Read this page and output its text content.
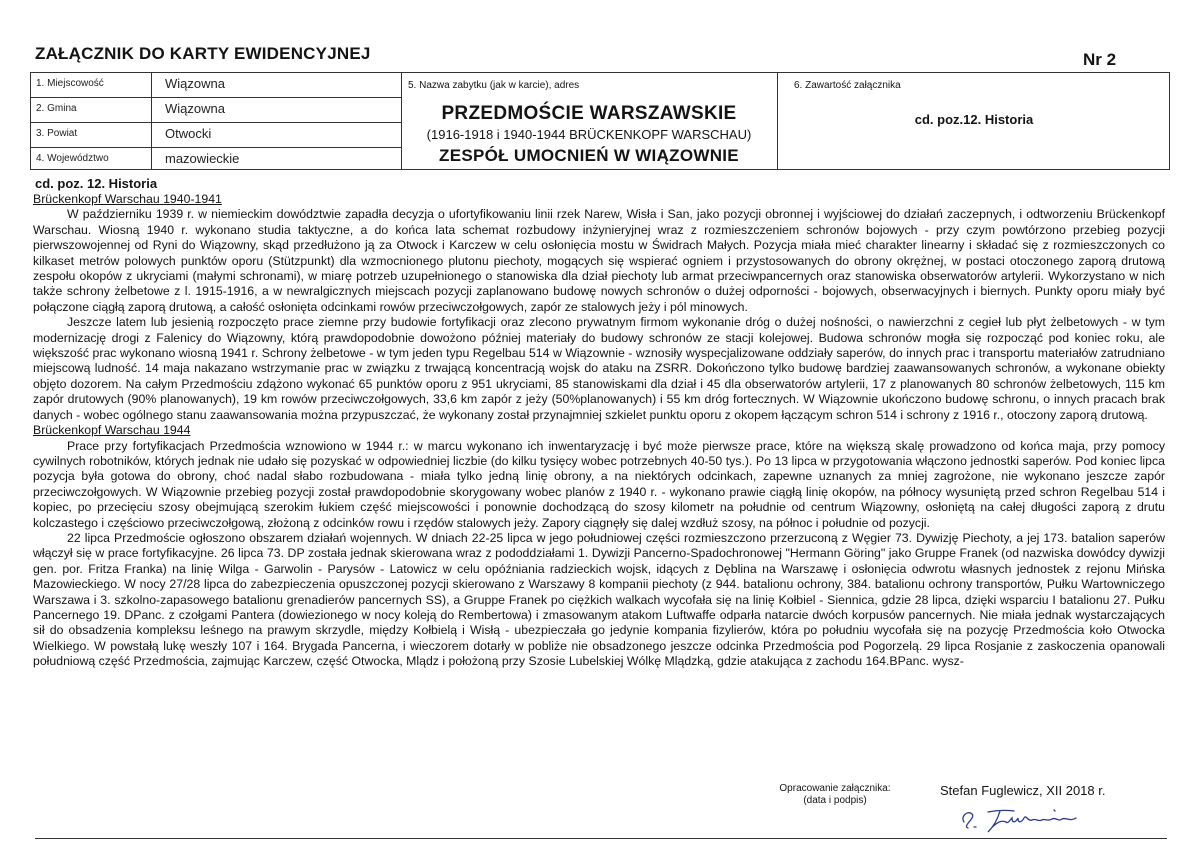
ZAŁĄCZNIK DO KARTY EWIDENCYJNEJ	Nr 2
1. Miejscowość	Wiązowna
2. Gmina	Wiązowna
3. Powiat	Otwocki
4. Województwo	mazowieckie
5. Nazwa zabytku (jak w karcie), adres
PRZEDMOŚCIE WARSZAWSKIE
(1916-1918 i 1940-1944 BRÜCKENKOPF WARSCHAU)
ZESPÓŁ UMOCNIEŃ W WIĄZOWNIE
6. Zawartość załącznika
cd. poz.12. Historia
cd. poz. 12. Historia

Brückenkopf Warschau 1940-1941

W październiku 1939 r. w niemieckim dowództwie zapadła decyzja o ufortyfikowaniu linii rzek Narew, Wisła i San, jako pozycji obronnej i wyjściowej do działań zaczepnych, i odtworzeniu Brückenkopf Warschau. Wiosną 1940 r. wykonano studia taktyczne, a do końca lata schemat rozbudowy inżynieryjnej wraz z rozmieszczeniem schronów bojowych - przy czym powtórzono przebieg pozycji pierwszowojennej od Ryni do Wiązowny, skąd przedłużono ją za Otwock i Karczew w celu osłonięcia mostu w Świdrach Małych. Pozycja miała mieć charakter linearny i składać się z rozmieszczonych co kilkaset metrów polowych punktów oporu (Stützpunkt) dla wzmocnionego plutonu piechoty, mogących się wspierać ogniem i przystosowanych do obrony okrężnej, w postaci otoczonego zaporą drutową zespołu okopów z ukryciami (małymi schronami), w miarę potrzeb uzupełnionego o stanowiska dla dział piechoty lub armat przeciwpancernych oraz stanowiska obserwatorów artylerii. Wykorzystano w nich także schrony żelbetowe z l. 1915-1916, a w newralgicznych miejscach pozycji zaplanowano budowę nowych schronów o dużej odporności - bojowych, obserwacyjnych i biernych. Punkty oporu miały być połączone ciągłą zaporą drutową, a całość osłonięta odcinkami rowów przeciwczołgowych, zapór ze stalowych jeży i pól minowych.

Jeszcze latem lub jesienią rozpoczęto prace ziemne przy budowie fortyfikacji oraz zlecono prywatnym firmom wykonanie dróg o dużej nośności, o nawierzchni z cegieł lub płyt żelbetowych - w tym modernizację drogi z Falenicy do Wiązowny, którą prawdopodobnie dowożono później materiały do budowy schronów ze stacji kolejowej. Budowa schronów mogła się rozpocząć pod koniec roku, ale większość prac wykonano wiosną 1941 r. Schrony żelbetowe - w tym jeden typu Regelbau 514 w Wiązownie - wznosiły wyspecjalizowane oddziały saperów, do innych prac i transportu materiałów zatrudniano miejscową ludność. 14 maja nakazano wstrzymanie prac w związku z trwającą koncentracją wojsk do ataku na ZSRR. Dokończono tylko budowę bardziej zaawansowanych schronów, a wykonane obiekty objęto dozorem. Na całym Przedmościu zdążono wykonać 65 punktów oporu z 951 ukryciami, 85 stanowiskami dla dział i 45 dla obserwatorów artylerii, 17 z planowanych 80 schronów żelbetowych, 115 km zapór drutowych (90% planowanych), 19 km rowów przeciwczołgowych, 33,6 km zapór z jeży (50%planowanych) i 55 km dróg fortecznych. W Wiązownie ukończono budowę schronu, o innych pracach brak danych - wobec ogólnego stanu zaawansowania można przypuszczać, że wykonany został przynajmniej szkielet punktu oporu z okopem łączącym schron 514 i schrony z 1916 r., otoczony zaporą drutową.

Brückenkopf Warschau 1944

Prace przy fortyfikacjach Przedmościa wznowiono w 1944 r.: w marcu wykonano ich inwentaryzację i być może pierwsze prace, które na większą skalę prowadzono od końca maja, przy pomocy cywilnych robotników, których jednak nie udało się pozyskać w odpowiedniej liczbie (do kilku tysięcy wobec potrzebnych 40-50 tys.). Po 13 lipca w przygotowania włączono jednostki saperów. Pod koniec lipca pozycja była gotowa do obrony, choć nadal słabo rozbudowana - miała tylko jedną linię obrony, a na niektórych odcinkach, zapewne uznanych za mniej zagrożone, nie wykonano jeszcze zapór przeciwczołgowych. W Wiązownie przebieg pozycji został prawdopodobnie skorygowany wobec planów z 1940 r. - wykonano prawie ciągłą linię okopów, na północy wysuniętą przed schron Regelbau 514 i kopiec, po przecięciu szosy obejmującą szerokim łukiem część miejscowości i ponownie dochodzącą do szosy kilometr na południe od centrum Wiązowny, osłoniętą na całej długości zaporą z drutu kolczastego i częściowo przeciwczołgową, złożoną z odcinków rowu i rzędów stalowych jeży. Zapory ciągnęły się dalej wzdłuż szosy, na północ i południe od pozycji.

22 lipca Przedmoście ogłoszono obszarem działań wojennych. W dniach 22-25 lipca w jego południowej części rozmieszczono przerzuconą z Węgier 73. Dywizję Piechoty, a jej 173. batalion saperów włączył się w prace fortyfikacyjne. 26 lipca 73. DP została jednak skierowana wraz z pododdziałami 1. Dywizji Pancerno-Spadochronowej "Hermann Göring" jako Gruppe Franek (od nazwiska dowódcy dywizji gen. por. Fritza Franka) na linię Wilga - Garwolin - Parysów - Latowicz w celu opóźniania radzieckich wojsk, idących z Dęblina na Warszawę i osłonięcia odwrotu własnych jednostek z rejonu Mińska Mazowieckiego. W nocy 27/28 lipca do zabezpieczenia opuszczonej pozycji skierowano z Warszawy 8 kompanii piechoty (z 944. batalionu ochrony, 384. batalionu ochrony transportów, Pułku Wartowniczego Warszawa i 3. szkolno-zapasowego batalionu grenadierów pancernych SS), a Gruppe Franek po ciężkich walkach wycofała się na linię Kołbiel - Siennica, gdzie 28 lipca, dzięki wsparciu I batalionu 27. Pułku Pancernego 19. DPanc. z czołgami Pantera (dowiezionego w nocy koleją do Rembertowa) i zmasowanym atakom Luftwaffe odparła natarcie dwóch korpusów pancernych. Nie miała jednak wystarczających sił do obsadzenia kompleksu leśnego na prawym skrzydle, między Kołbielą i Wisłą - ubezpieczała go jedynie kompania fizylierów, która po południu wycofała się na pozycję Przedmościa koło Otwocka Wielkiego. W powstałą lukę weszły 107 i 164. Brygada Pancerna, i wieczorem dotarły w pobliże nie obsadzonego jeszcze odcinka Przedmościa pod Pogorzelą. 29 lipca Rosjanie z zaskoczenia opanowali południową część Przedmościa, zajmując Karczew, część Otwocka, Mlądz i położoną przy Szosie Lubelskiej Wólkę Mlądzką, gdzie atakująca z zachodu 164.BPanc. wysz-

Opracowanie załącznika:
(data i podpis)
Stefan Fuglewicz, XII 2018 r.
